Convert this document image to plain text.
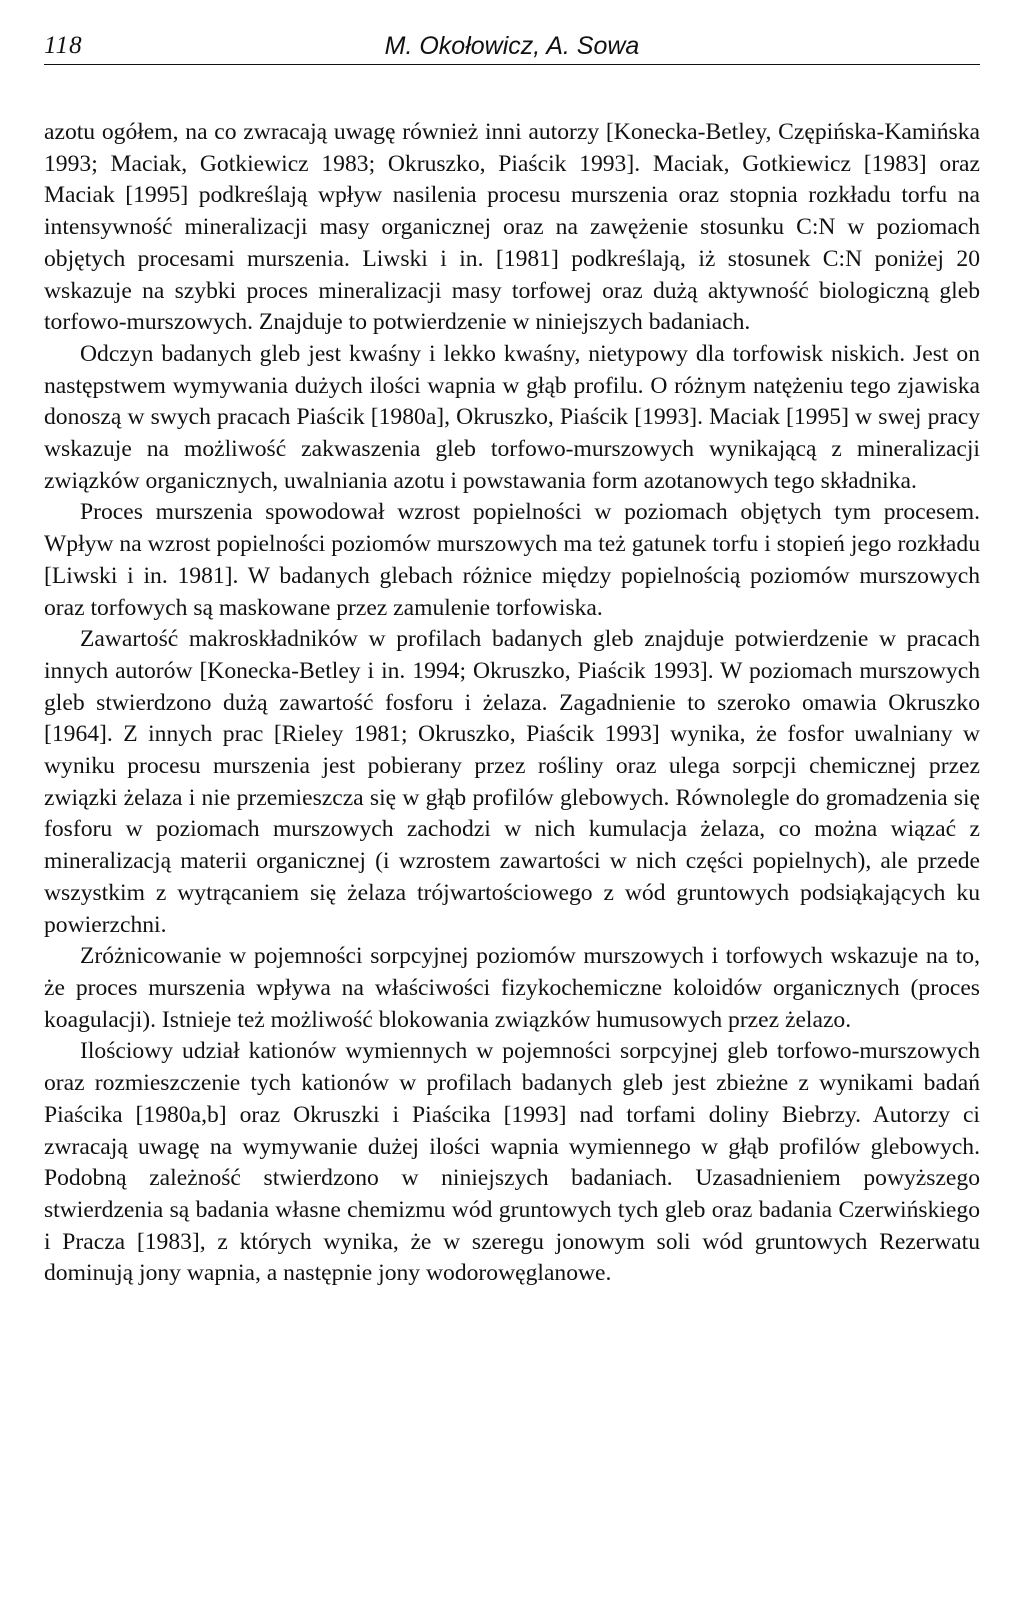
118	M. Okołowicz, A. Sowa

azotu ogółem, na co zwracają uwagę również inni autorzy [Konecka-Betley, Czępińska-Kamińska 1993; Maciak, Gotkiewicz 1983; Okruszko, Piaścik 1993]. Maciak, Gotkiewicz [1983] oraz Maciak [1995] podkreślają wpływ nasilenia procesu murszenia oraz stopnia rozkładu torfu na intensywność mineralizacji masy organicznej oraz na zawężenie stosunku C:N w poziomach objętych procesami murszenia. Liwski i in. [1981] podkreślają, iż stosunek C:N poniżej 20 wskazuje na szybki proces mineralizacji masy torfowej oraz dużą aktywność biologiczną gleb torfowo-murszowych. Znajduje to potwierdzenie w niniejszych badaniach.

Odczyn badanych gleb jest kwaśny i lekko kwaśny, nietypowy dla torfowisk niskich. Jest on następstwem wymywania dużych ilości wapnia w głąb profilu. O różnym natężeniu tego zjawiska donoszą w swych pracach Piaścik [1980a], Okruszko, Piaścik [1993]. Maciak [1995] w swej pracy wskazuje na możliwość zakwaszenia gleb torfowo-murszowych wynikającą z mineralizacji związków organicznych, uwalniania azotu i powstawania form azotanowych tego składnika.

Proces murszenia spowodował wzrost popielności w poziomach objętych tym procesem. Wpływ na wzrost popielności poziomów murszowych ma też gatunek torfu i stopień jego rozkładu [Liwski i in. 1981]. W badanych glebach różnice między popielnością poziomów murszowych oraz torfowych są maskowane przez zamulenie torfowiska.

Zawartość makroskładników w profilach badanych gleb znajduje potwierdzenie w pracach innych autorów [Konecka-Betley i in. 1994; Okruszko, Piaścik 1993]. W poziomach murszowych gleb stwierdzono dużą zawartość fosforu i żelaza. Zagadnienie to szeroko omawia Okruszko [1964]. Z innych prac [Rieley 1981; Okruszko, Piaścik 1993] wynika, że fosfor uwalniany w wyniku procesu murszenia jest pobierany przez rośliny oraz ulega sorpcji chemicznej przez związki żelaza i nie przemieszcza się w głąb profilów glebowych. Równolegle do gromadzenia się fosforu w poziomach murszowych zachodzi w nich kumulacja żelaza, co można wiązać z mineralizacją materii organicznej (i wzrostem zawartości w nich części popielnych), ale przede wszystkim z wytrącaniem się żelaza trójwartościowego z wód gruntowych podsiąkających ku powierzchni.

Zróżnicowanie w pojemności sorpcyjnej poziomów murszowych i torfowych wskazuje na to, że proces murszenia wpływa na właściwości fizykochemiczne koloidów organicznych (proces koagulacji). Istnieje też możliwość blokowania związków humusowych przez żelazo.

Ilościowy udział kationów wymiennych w pojemności sorpcyjnej gleb torfowo-murszowych oraz rozmieszczenie tych kationów w profilach badanych gleb jest zbieżne z wynikami badań Piaścika [1980a,b] oraz Okruszki i Piaścika [1993] nad torfami doliny Biebrzy. Autorzy ci zwracają uwagę na wymywanie dużej ilości wapnia wymiennego w głąb profilów glebowych. Podobną zależność stwierdzono w niniejszych badaniach. Uzasadnieniem powyższego stwierdzenia są badania własne chemizmu wód gruntowych tych gleb oraz badania Czerwińskiego i Pracza [1983], z których wynika, że w szeregu jonowym soli wód gruntowych Rezerwatu dominują jony wapnia, a następnie jony wodorowęglanowe.
